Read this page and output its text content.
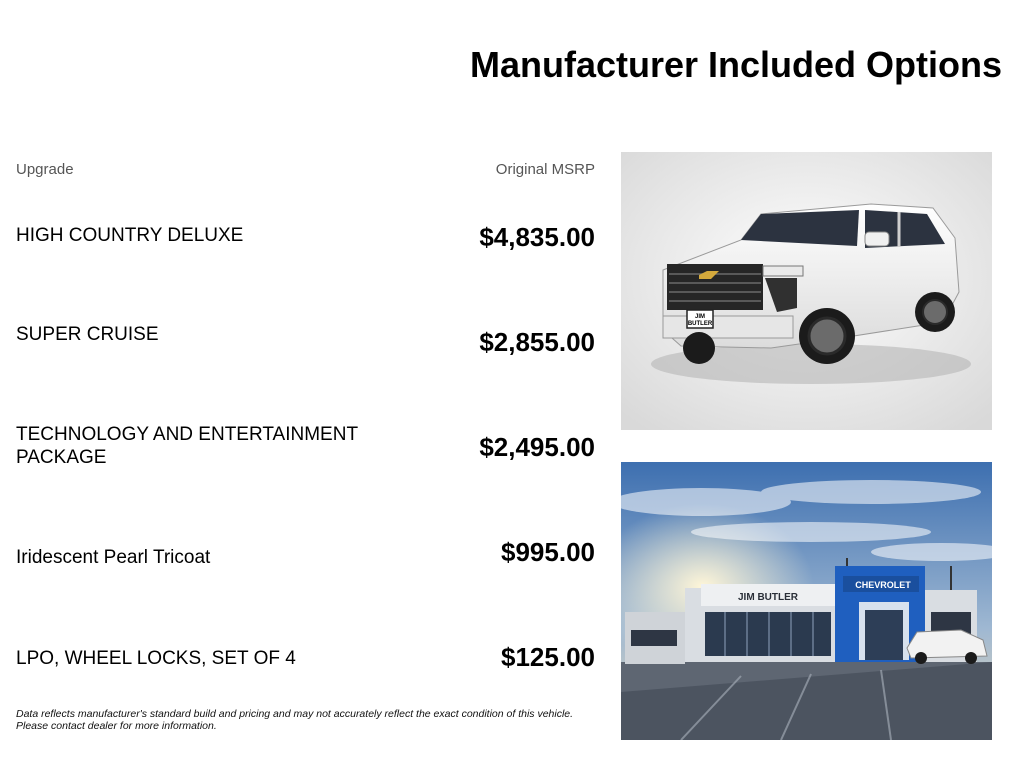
Manufacturer Included Options
Upgrade	Original MSRP
HIGH COUNTRY DELUXE	$4,835.00
SUPER CRUISE	$2,855.00
TECHNOLOGY AND ENTERTAINMENT PACKAGE	$2,495.00
Iridescent Pearl Tricoat	$995.00
LPO, WHEEL LOCKS, SET OF 4	$125.00
Data reflects manufacturer's standard build and pricing and may not accurately reflect the exact condition of this vehicle. Please contact dealer for more information.
JIM
BUTLER
JIM BUTLER
CHEVROLET
